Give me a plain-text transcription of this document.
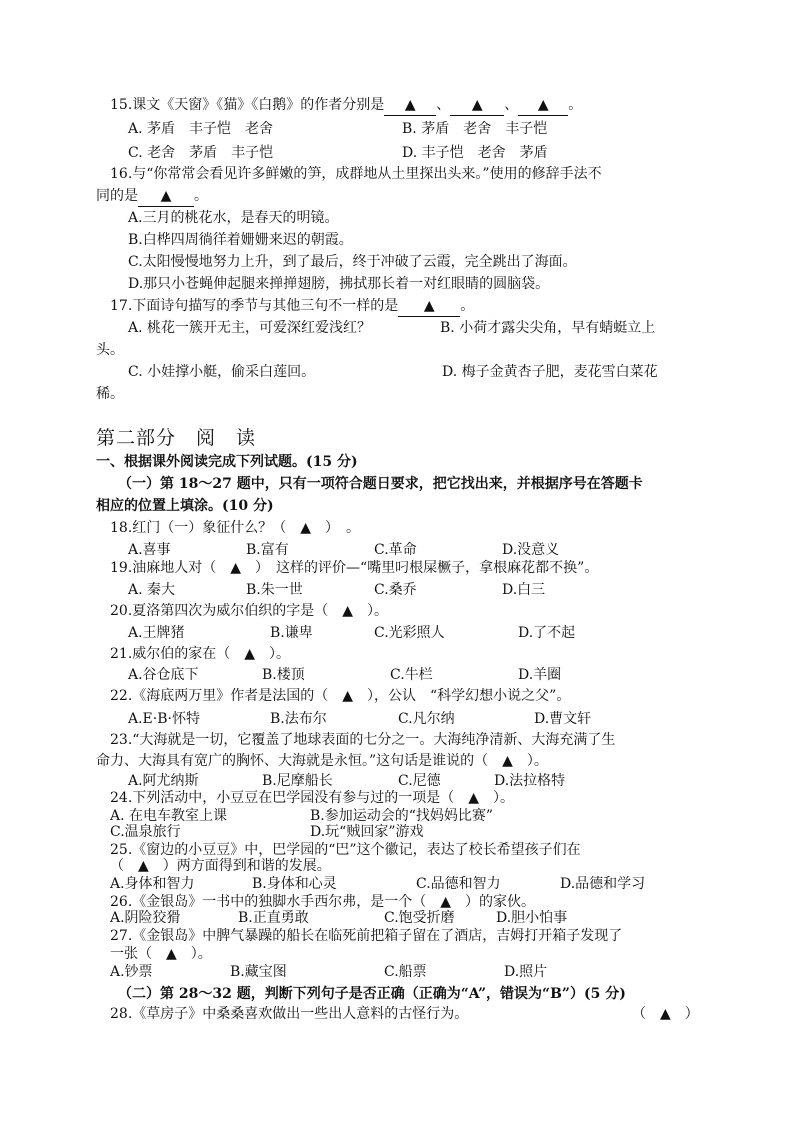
15.课文《天窗》《猫》《白鹅》的作者分别是 ▲ 、 ▲ 、 ▲ 。
A. 茅盾　丰子恺　老舍	B. 茅盾　老舍　丰子恺
C. 老舍　茅盾　丰子恺	D. 丰子恺　老舍　茅盾
16.与“你常常会看见许多鲜嫩的笋，成群地从土里探出头来。”使用的修辞手法不
同的是 ▲ 。
A.三月的桃花水，是春天的明镜。
B.白桦四周徜徉着姗姗来迟的朝霞。
C.太阳慢慢地努力上升，到了最后，终于冲破了云霞，完全跳出了海面。
D.那只小苍蝇伸起腿来掸掸翅膀，拂拭那长着一对红眼睛的圆脑袋。
17.下面诗句描写的季节与其他三句不一样的是 ▲ 。
A. 桃花一簇开无主，可爱深红爱浅红？	B. 小荷才露尖尖角，早有蜻蜓立上
头。
C. 小娃撑小艇，偷采白莲回。	D. 梅子金黄杏子肥，麦花雪白菜花
稀。
第二部分　阅　读
一、根据课外阅读完成下列试题。(15 分)
（一）第 18～27 题中，只有一项符合题日要求，把它找出来，并根据序号在答题卡
相应的位置上填涂。(10 分)
18.红门（一）象征什么？（　▲　）　。
A.喜事	B.富有	C.革命	D.没意义
19.油麻地人对（　▲　）　这样的评价—“嘴里叼根屎橛子，拿根麻花都不换”。
A. 秦大	B.朱一世	C.桑乔	D.白三
20.夏洛第四次为威尔伯织的字是（　▲　）。
A.王牌猪	B.谦卑	C.光彩照人	D.了不起
21.威尔伯的家在（　▲　）。
A.谷仓底下	B.楼顶	C.牛栏	D.羊圈
22.《海底两万里》作者是法国的（　▲　），公认　“科学幻想小说之父”。
A.E·B·怀特	B.法布尔	C.凡尔纳	D.曹文轩
23.“大海就是一切，它覆盖了地球表面的七分之一。大海纯净清新、大海充满了生
命力、大海具有宽广的胸怀、大海就是永恒。”这句话是谁说的（　▲　）。
A.阿尤纳斯	B.尼摩船长	C.尼德	D.法拉格特
24.下列活动中，小豆豆在巴学园没有参与过的一项是（　▲　）。
A. 在电车教室上课	B.参加运动会的“找妈妈比赛”
C.温泉旅行	D.玩“贼回家”游戏
25.《窗边的小豆豆》中，巴学园的“巴”这个徽记，表达了校长希望孩子们在
（　▲　）两方面得到和谐的发展。
A.身体和智力	B.身体和心灵	C.品德和智力	D.品德和学习
26.《金银岛》一书中的独脚水手西尔弗，是一个（　▲　）的家伙。
A.阴险狡猾	B.正直勇敢	C.饱受折磨	D.胆小怕事
27.《金银岛》中脾气暴躁的船长在临死前把箱子留在了酒店，吉姆打开箱子发现了
一张（　▲　）。
A.钞票	B.藏宝图	C.船票	D.照片
（二）第 28～32 题，判断下列句子是否正确（正确为“A”，错误为“B”）(5 分)
28.《草房子》中桑桑喜欢做出一些出人意料的古怪行为。	（　▲　）
